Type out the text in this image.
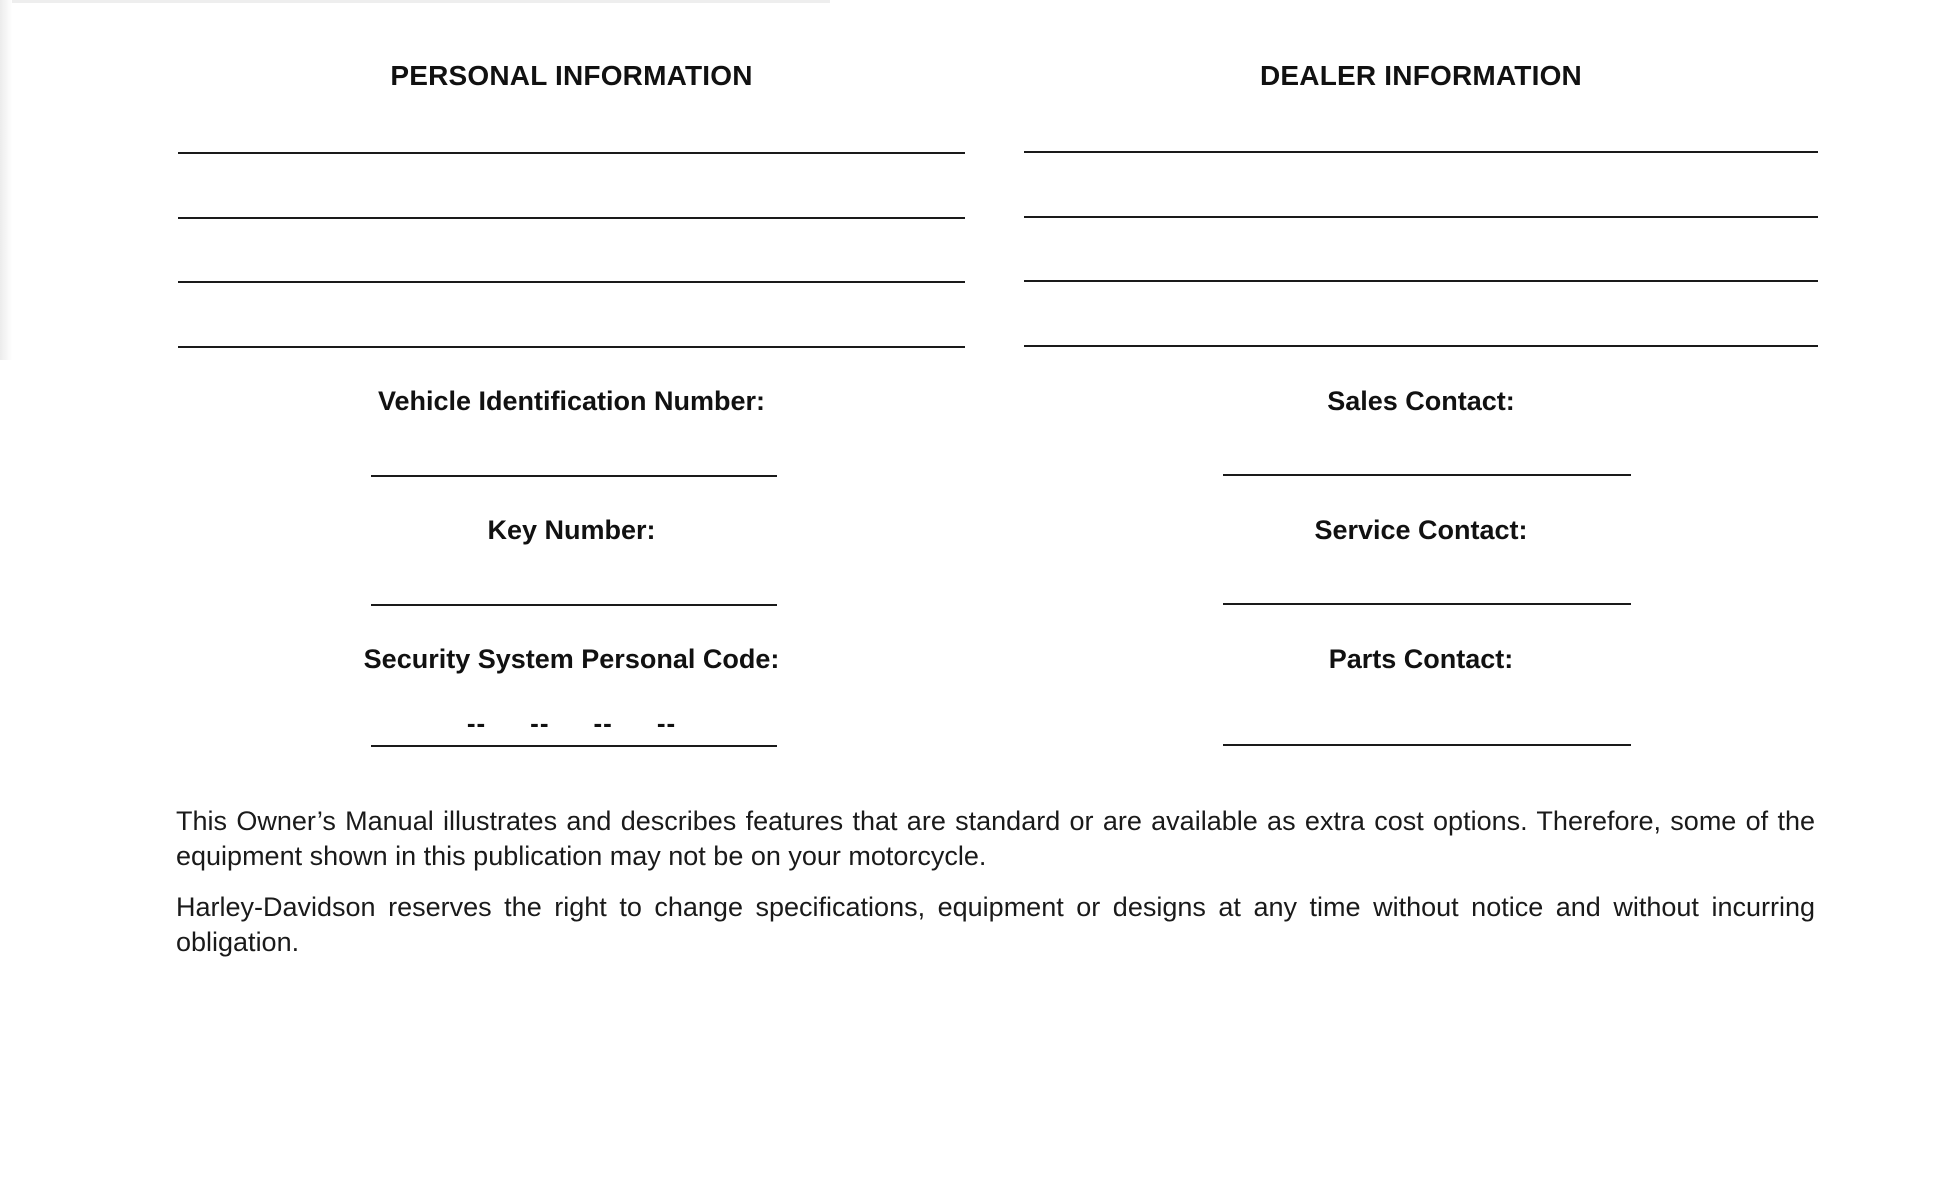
PERSONAL INFORMATION
Vehicle Identification Number:
Key Number:
Security System Personal Code:
-- -- -- --
DEALER INFORMATION
Sales Contact:
Service Contact:
Parts Contact:

This Owner’s Manual illustrates and describes features that are standard or are available as extra cost options. Therefore, some of the equipment shown in this publication may not be on your motorcycle.

Harley-Davidson reserves the right to change specifications, equipment or designs at any time without notice and without incurring obligation.
